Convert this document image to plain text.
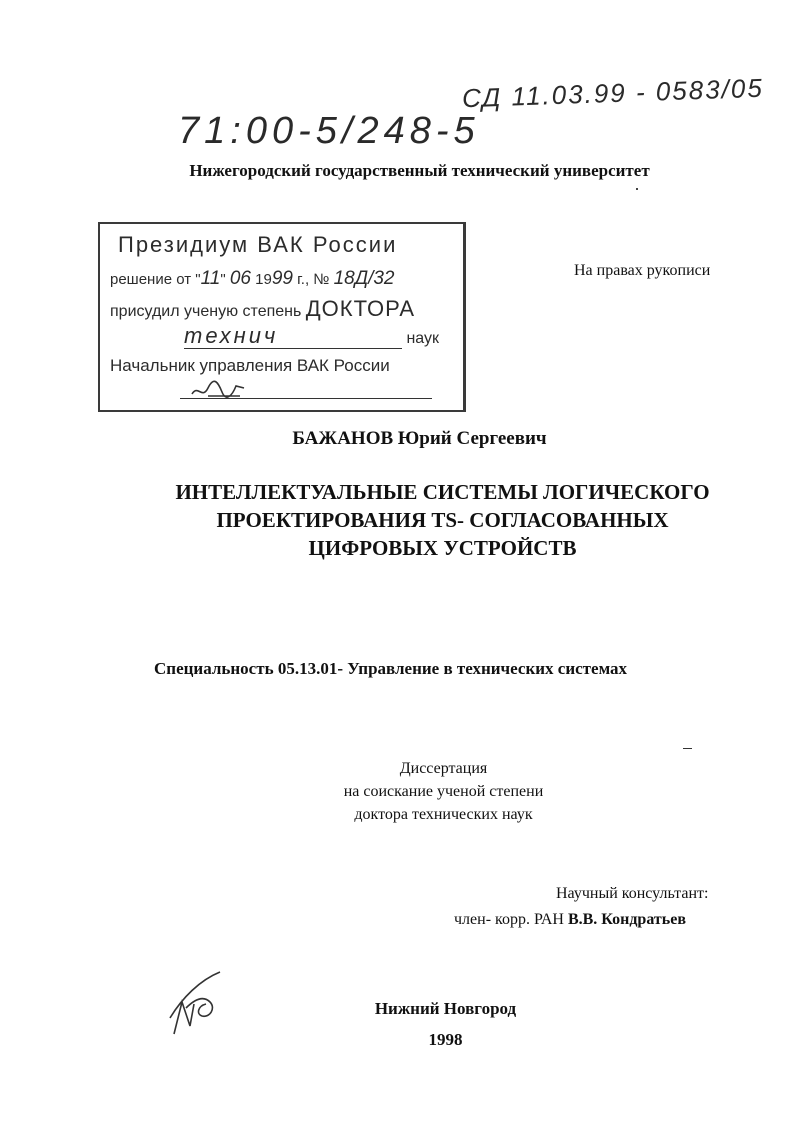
СД 11.03.99 - 0583/05
71:00-5/248-5
Нижегородский государственный технический университет
Президиум ВАК России
решение от "11" 06 1999 г., № 18Д/32
присудил ученую степень ДОКТОРА
технич	наук
Начальник управления ВАК России
На правах рукописи
БАЖАНОВ Юрий Сергеевич
ИНТЕЛЛЕКТУАЛЬНЫЕ СИСТЕМЫ ЛОГИЧЕСКОГО
ПРОЕКТИРОВАНИЯ TS- СОГЛАСОВАННЫХ
ЦИФРОВЫХ УСТРОЙСТВ
Специальность 05.13.01- Управление в технических системах
Диссертация
на соискание ученой степени
доктора технических наук
Научный консультант:
член- корр. РАН В.В. Кондратьев
Нижний Новгород
1998
